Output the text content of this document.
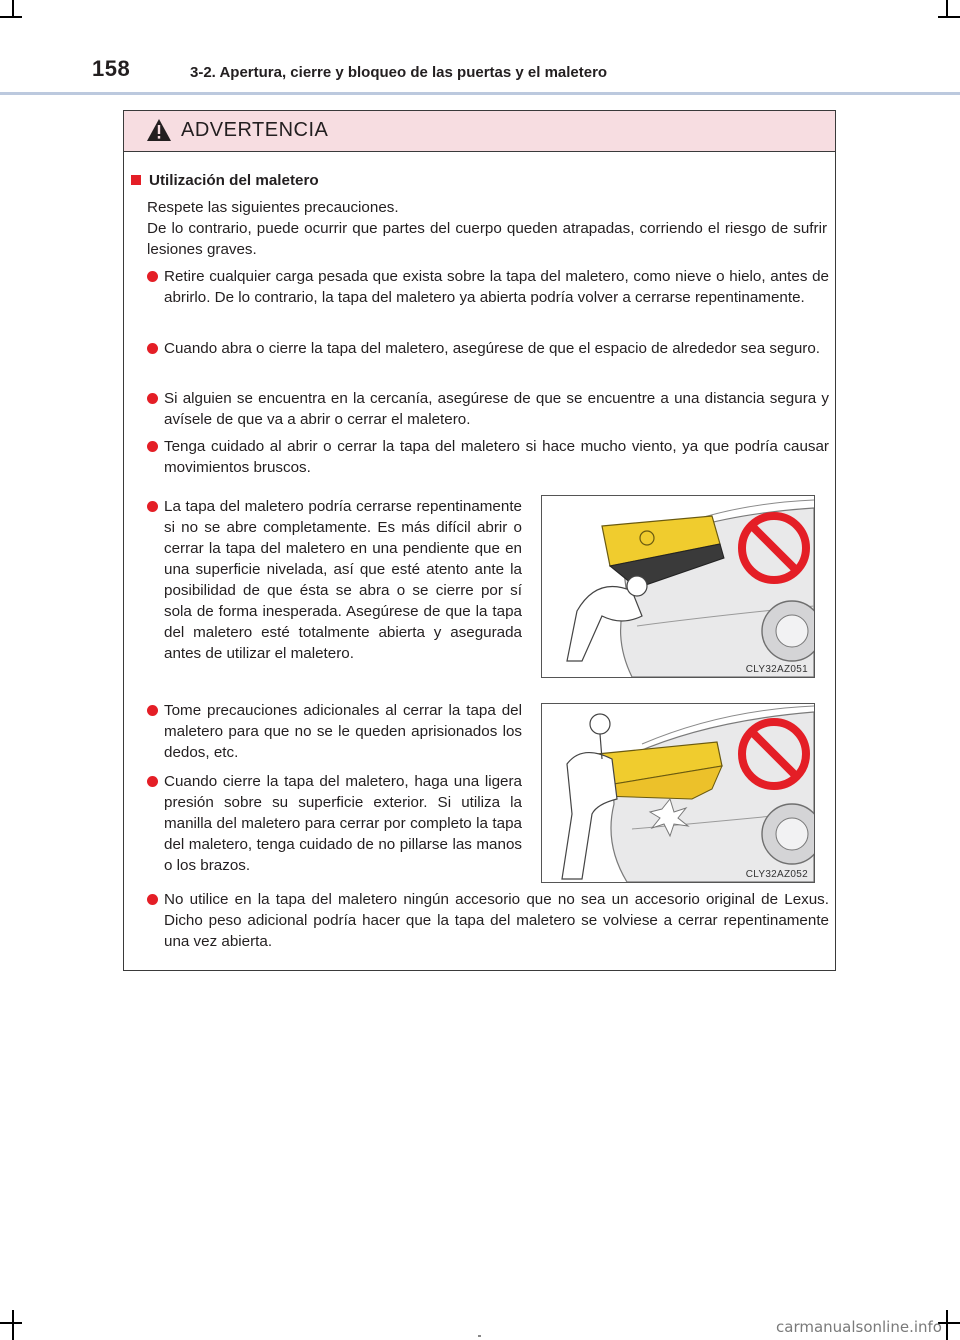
158	3-2. Apertura, cierre y bloqueo de las puertas y el maletero
ADVERTENCIA
Utilización del maletero

Respete las siguientes precauciones.

De lo contrario, puede ocurrir que partes del cuerpo queden atrapadas, corriendo el riesgo de sufrir lesiones graves.

Retire cualquier carga pesada que exista sobre la tapa del maletero, como nieve o hielo, antes de abrirlo. De lo contrario, la tapa del maletero ya abierta podría volver a cerrarse repentinamente.
Cuando abra o cierre la tapa del maletero, asegúrese de que el espacio de alrededor sea seguro.
Si alguien se encuentra en la cercanía, asegúrese de que se encuentre a una distancia segura y avísele de que va a abrir o cerrar el maletero.
Tenga cuidado al abrir o cerrar la tapa del maletero si hace mucho viento, ya que podría causar movimientos bruscos.
La tapa del maletero podría cerrarse repentinamente si no se abre completamente. Es más difícil abrir o cerrar la tapa del maletero en una pendiente que en una superficie nivelada, así que esté atento ante la posibilidad de que ésta se abra o se cierre por sí sola de forma inesperada. Asegúrese de que la tapa del maletero esté totalmente abierta y asegurada antes de utilizar el maletero.
Tome precauciones adicionales al cerrar la tapa del maletero para que no se le queden aprisionados los dedos, etc.
Cuando cierre la tapa del maletero, haga una ligera presión sobre su superficie exterior. Si utiliza la manilla del maletero para cerrar por completo la tapa del maletero, tenga cuidado de no pillarse las manos o los brazos.
No utilice en la tapa del maletero ningún accesorio que no sea un accesorio original de Lexus. Dicho peso adicional podría hacer que la tapa del maletero se volviese a cerrar repentinamente una vez abierta.
CLY32AZ051
CLY32AZ052
carmanualsonline.info
